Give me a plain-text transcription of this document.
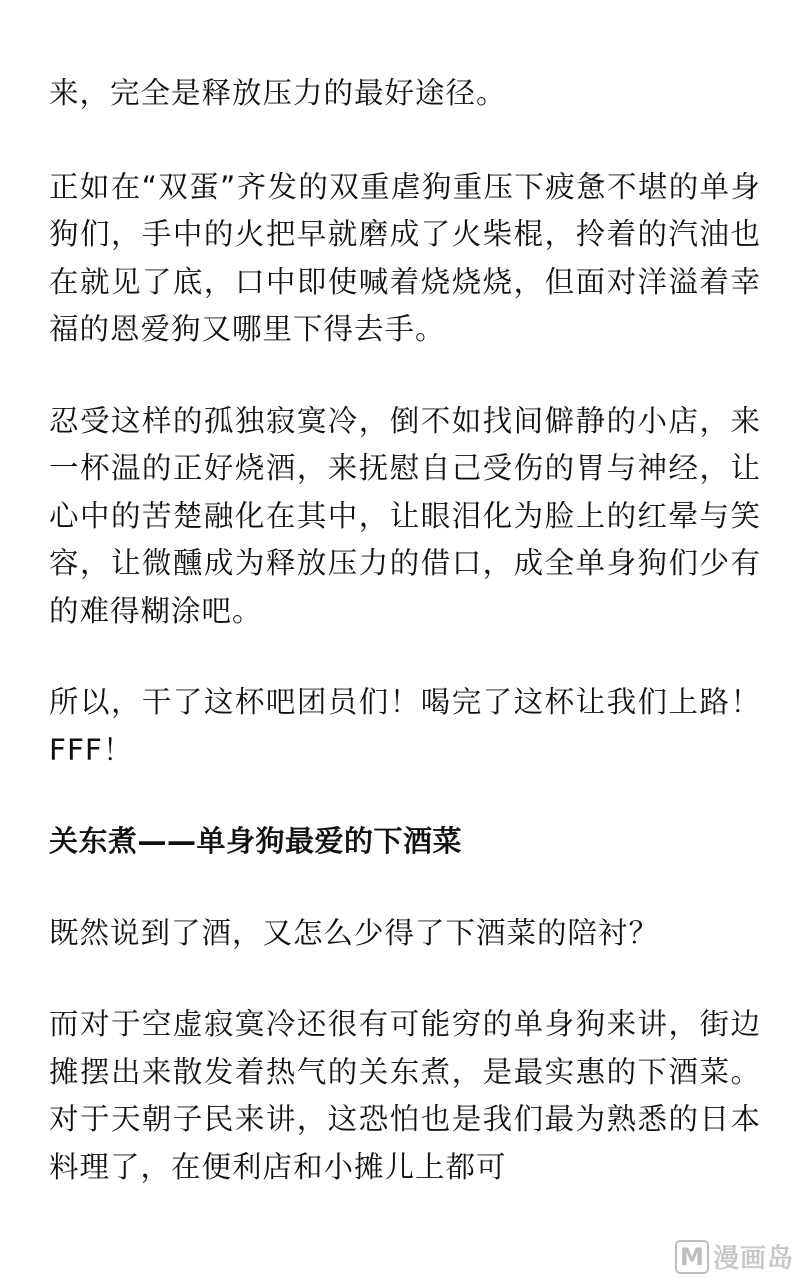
来，完全是释放压力的最好途径。

正如在“双蛋”齐发的双重虐狗重压下疲惫不堪的单身狗们，手中的火把早就磨成了火柴棍，拎着的汽油也在就见了底，口中即使喊着烧烧烧，但面对洋溢着幸福的恩爱狗又哪里下得去手。

忍受这样的孤独寂寞冷，倒不如找间僻静的小店，来一杯温的正好烧酒，来抚慰自己受伤的胃与神经，让心中的苦楚融化在其中，让眼泪化为脸上的红晕与笑容，让微醺成为释放压力的借口，成全单身狗们少有的难得糊涂吧。

所以，干了这杯吧团员们！喝完了这杯让我们上路！FFF！

关东煮——单身狗最爱的下酒菜

既然说到了酒，又怎么少得了下酒菜的陪衬？

而对于空虚寂寞冷还很有可能穷的单身狗来讲，街边摊摆出来散发着热气的关东煮，是最实惠的下酒菜。对于天朝子民来讲，这恐怕也是我们最为熟悉的日本料理了，在便利店和小摊儿上都可

M 漫画岛
